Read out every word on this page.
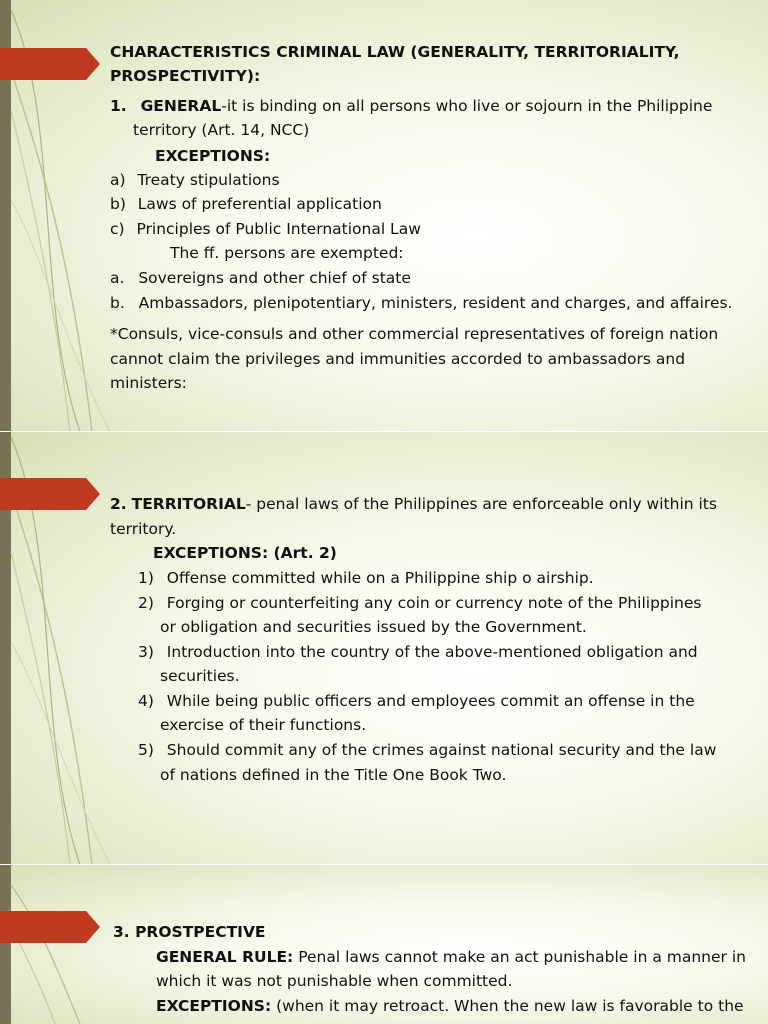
CHARACTERISTICS CRIMINAL LAW (GENERALITY, TERRITORIALITY,
PROSPECTIVITY):
1. GENERAL-it is binding on all persons who live or sojourn in the Philippine
territory (Art. 14, NCC)
EXCEPTIONS:
a) Treaty stipulations
b) Laws of preferential application
c) Principles of Public International Law
The ff. persons are exempted:
a. Sovereigns and other chief of state
b. Ambassadors, plenipotentiary, ministers, resident and charges, and affaires.
*Consuls, vice-consuls and other commercial representatives of foreign nation
cannot claim the privileges and immunities accorded to ambassadors and
ministers:
2. TERRITORIAL- penal laws of the Philippines are enforceable only within its
territory.
EXCEPTIONS: (Art. 2)
1) Offense committed while on a Philippine ship o airship.
2) Forging or counterfeiting any coin or currency note of the Philippines
or obligation and securities issued by the Government.
3) Introduction into the country of the above-mentioned obligation and
securities.
4) While being public officers and employees commit an offense in the
exercise of their functions.
5) Should commit any of the crimes against national security and the law
of nations defined in the Title One Book Two.
3. PROSTPECTIVE
GENERAL RULE: Penal laws cannot make an act punishable in a manner in
which it was not punishable when committed.
EXCEPTIONS: (when it may retroact. When the new law is favorable to the
